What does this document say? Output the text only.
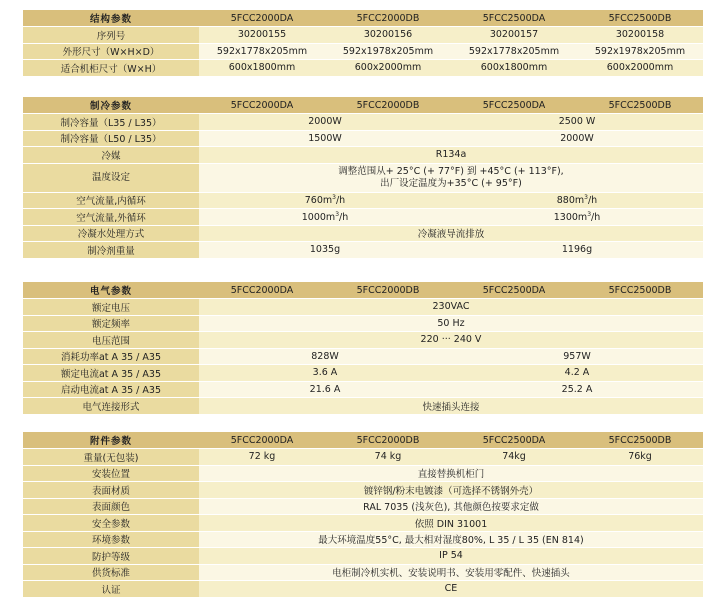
结构参数	5FCC2000DA	5FCC2000DB	5FCC2500DA	5FCC2500DB
序列号	30200155	30200156	30200157	30200158
外形尺寸（W×H×D）	592x1778x205mm	592x1978x205mm	592x1778x205mm	592x1978x205mm
适合机柜尺寸（W×H）	600x1800mm	600x2000mm	600x1800mm	600x2000mm
制冷参数	5FCC2000DA	5FCC2000DB	5FCC2500DA	5FCC2500DB
制冷容量（L35 / L35）	2000W		2500 W	
制冷容量（L50 / L35）	1500W		2000W	
冷媒	R134a			
温度设定	调整范围从+ 25°C (+ 77°F) 到 +45°C (+ 113°F),
出厂设定温度为+35°C (+ 95°F)			

空气流量,内循环	$760m^3/h$		$880m^3/h$	
空气流量,外循环	$1000m^3/h$		$1300m^3/h$	
冷凝水处理方式	冷凝液导流排放			
制冷剂重量	1035g		1196g	
电气参数	5FCC2000DA	5FCC2000DB	5FCC2500DA	5FCC2500DB
额定电压	230VAC			
额定频率	50 Hz			
电压范围	220 ··· 240 V			
消耗功率at A 35 / A35	828W		957W	
额定电流at A 35 / A35	3.6 A		4.2 A	
启动电流at A 35 / A35	21.6 A		25.2 A	
电气连接形式	快速插头连接			
附件参数	5FCC2000DA	5FCC2000DB	5FCC2500DA	5FCC2500DB
重量(无包装)	72 kg	74 kg	74kg	76kg
安装位置	直接替换机柜门			
表面材质	镀锌钢/粉末电镀漆（可选择不锈钢外壳）			
表面颜色	RAL 7035 (浅灰色), 其他颜色按要求定做			
安全参数	依照 DIN 31001			
环境参数	最大环境温度55°C, 最大相对湿度80%, L 35 / L 35 (EN 814)			
防护等级	IP 54			
供货标准	电柜制冷机实机、安装说明书、安装用零配件、快速插头			
认证	CE			
